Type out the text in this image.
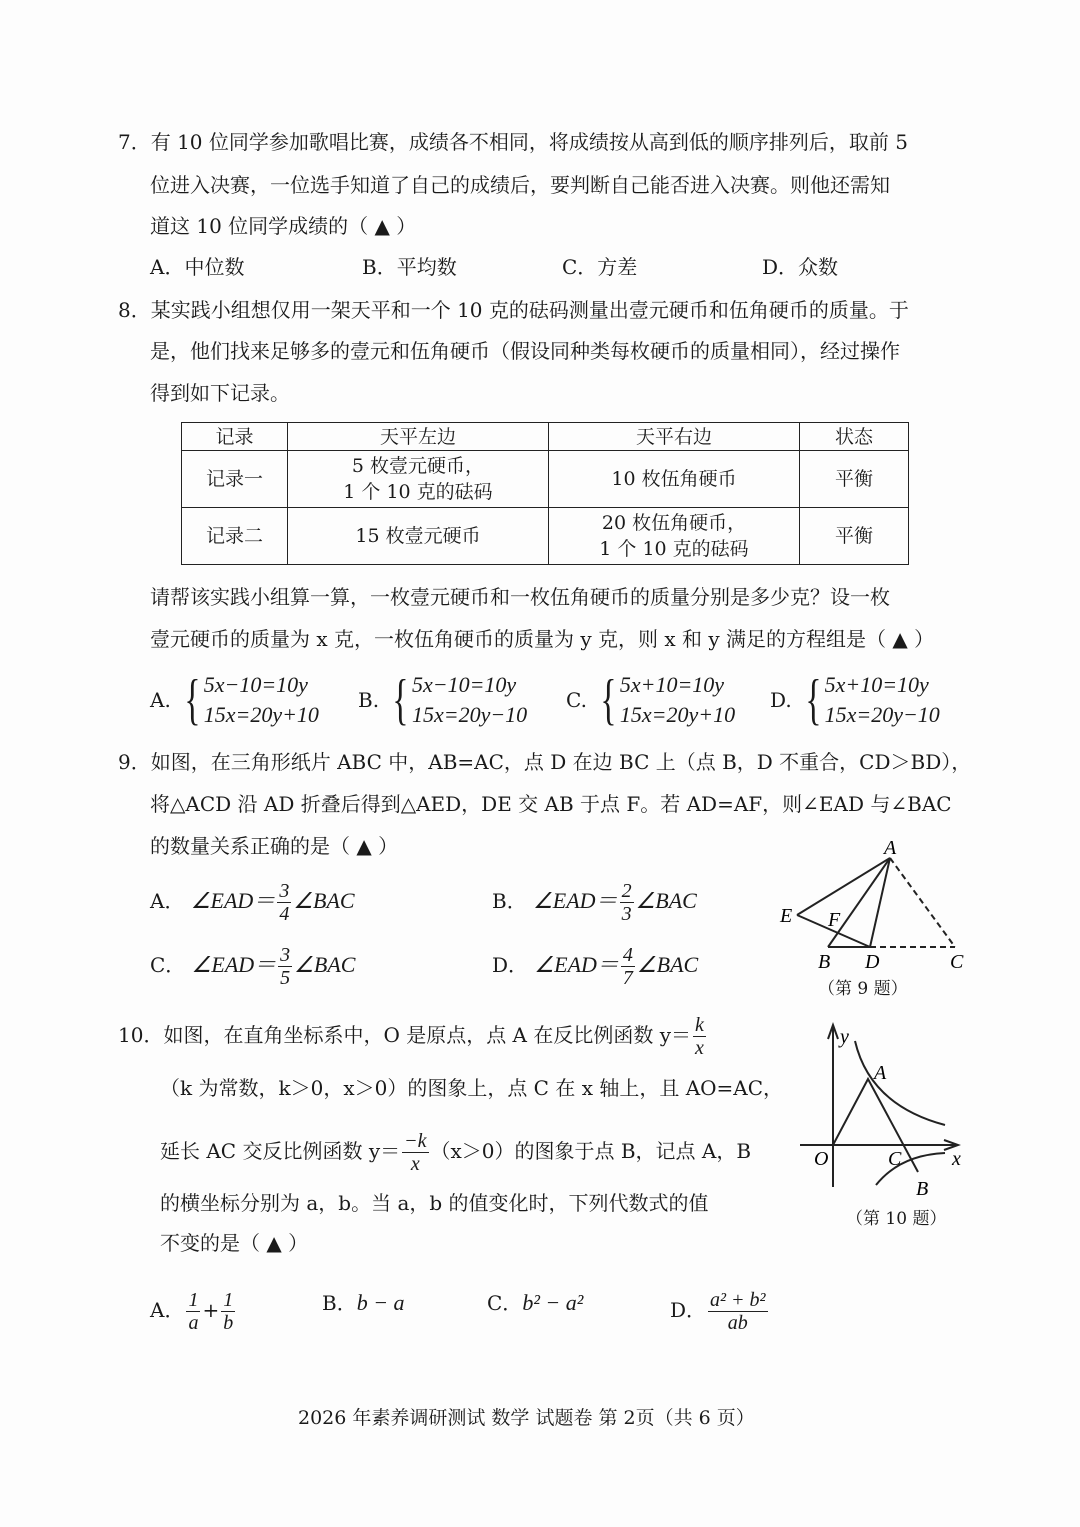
7．有 10 位同学参加歌唱比赛，成绩各不相同，将成绩按从高到低的顺序排列后，取前 5
位进入决赛，一位选手知道了自己的成绩后，要判断自己能否进入决赛。则他还需知
道这 10 位同学成绩的（ ▲ ）
A．中位数	B．平均数	C．方差	D．众数
8．某实践小组想仅用一架天平和一个 10 克的砝码测量出壹元硬币和伍角硬币的质量。于
是，他们找来足够多的壹元和伍角硬币（假设同种类每枚硬币的质量相同），经过操作
得到如下记录。
记录	天平左边	天平右边	状态
记录一	5 枚壹元硬币，
1 个 10 克的砝码	10 枚伍角硬币	平衡
记录二	15 枚壹元硬币	20 枚伍角硬币，
1 个 10 克的砝码	平衡
请帮该实践小组算一算，一枚壹元硬币和一枚伍角硬币的质量分别是多少克？设一枚
壹元硬币的质量为 x 克，一枚伍角硬币的质量为 y 克，则 x 和 y 满足的方程组是（ ▲ ）
A. { 5x−10=10y
15x=20y+10
B. { 5x−10=10y
15x=20y−10
C. { 5x+10=10y
15x=20y+10
D. { 5x+10=10y
15x=20y−10
9．如图，在三角形纸片 ABC 中，AB=AC，点 D 在边 BC 上（点 B，D 不重合，CD＞BD），
将△ACD 沿 AD 折叠后得到△AED，DE 交 AB 于点 F。若 AD=AF，则∠EAD 与∠BAC
的数量关系正确的是（ ▲ ）
A． ∠EAD＝ $\frac{3}{4}$ ∠BAC	B． ∠EAD＝ $\frac{2}{3}$ ∠BAC
C． ∠EAD＝ $\frac{3}{5}$ ∠BAC	D． ∠EAD＝ $\frac{4}{7}$ ∠BAC
A
E F
B D	C
（第 9 题）
10．如图，在直角坐标系中，O 是原点，点 A 在反比例函数 $y= \frac{k}{x}$
（k 为常数，k＞0，x＞0）的图象上，点 C 在 x 轴上，且 AO=AC，
延长 AC 交反比例函数 $y= \frac{-k}{x} (x>0)$的图象于点 B，记点 A，B
的横坐标分别为 a，b。当 a，b 的值变化时，下列代数式的值
不变的是（ ▲ ）
A． $\frac{1}{a} + \frac{1}{b}$	B．b − a	C．b² − a²	D． $\frac{\text{a² + b²}}{ab}$
y
A
O	C	x
B
（第 10 题）
2026 年素养调研测试 数学 试题卷 第 2页（共 6 页）
